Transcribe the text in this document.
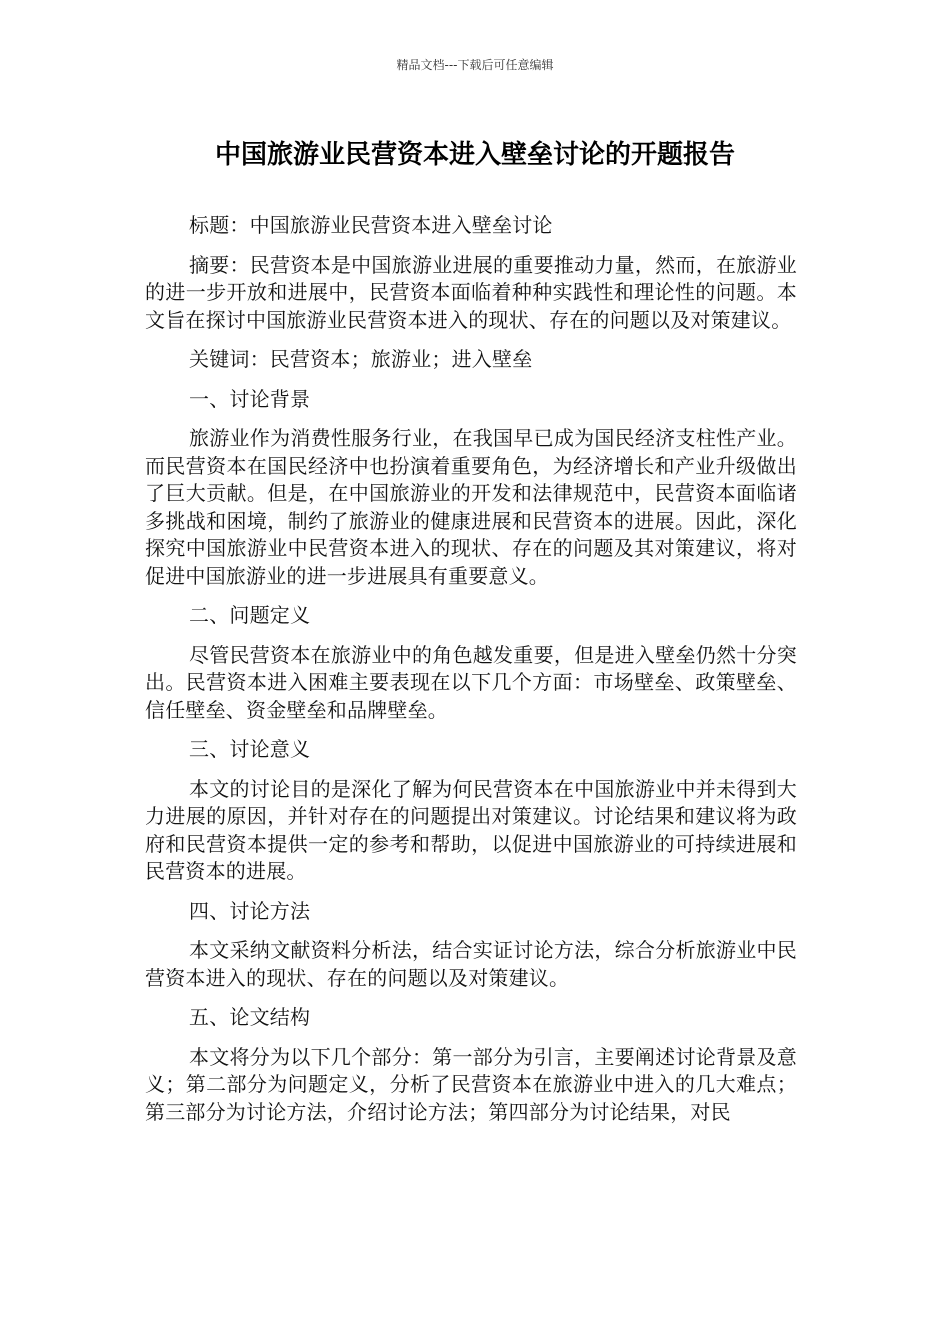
精品文档---下载后可任意编辑
中国旅游业民营资本进入壁垒讨论的开题报告

标题：中国旅游业民营资本进入壁垒讨论

摘要：民营资本是中国旅游业进展的重要推动力量，然而，在旅游业的进一步开放和进展中，民营资本面临着种种实践性和理论性的问题。本文旨在探讨中国旅游业民营资本进入的现状、存在的问题以及对策建议。

关键词：民营资本；旅游业；进入壁垒

一、讨论背景

旅游业作为消费性服务行业，在我国早已成为国民经济支柱性产业。而民营资本在国民经济中也扮演着重要角色，为经济增长和产业升级做出了巨大贡献。但是，在中国旅游业的开发和法律规范中，民营资本面临诸多挑战和困境，制约了旅游业的健康进展和民营资本的进展。因此，深化探究中国旅游业中民营资本进入的现状、存在的问题及其对策建议，将对促进中国旅游业的进一步进展具有重要意义。

二、问题定义

尽管民营资本在旅游业中的角色越发重要，但是进入壁垒仍然十分突出。民营资本进入困难主要表现在以下几个方面：市场壁垒、政策壁垒、信任壁垒、资金壁垒和品牌壁垒。

三、讨论意义

本文的讨论目的是深化了解为何民营资本在中国旅游业中并未得到大力进展的原因，并针对存在的问题提出对策建议。讨论结果和建议将为政府和民营资本提供一定的参考和帮助，以促进中国旅游业的可持续进展和民营资本的进展。

四、讨论方法

本文采纳文献资料分析法，结合实证讨论方法，综合分析旅游业中民营资本进入的现状、存在的问题以及对策建议。

五、论文结构

本文将分为以下几个部分：第一部分为引言，主要阐述讨论背景及意义；第二部分为问题定义，分析了民营资本在旅游业中进入的几大难点；第三部分为讨论方法，介绍讨论方法；第四部分为讨论结果，对民
